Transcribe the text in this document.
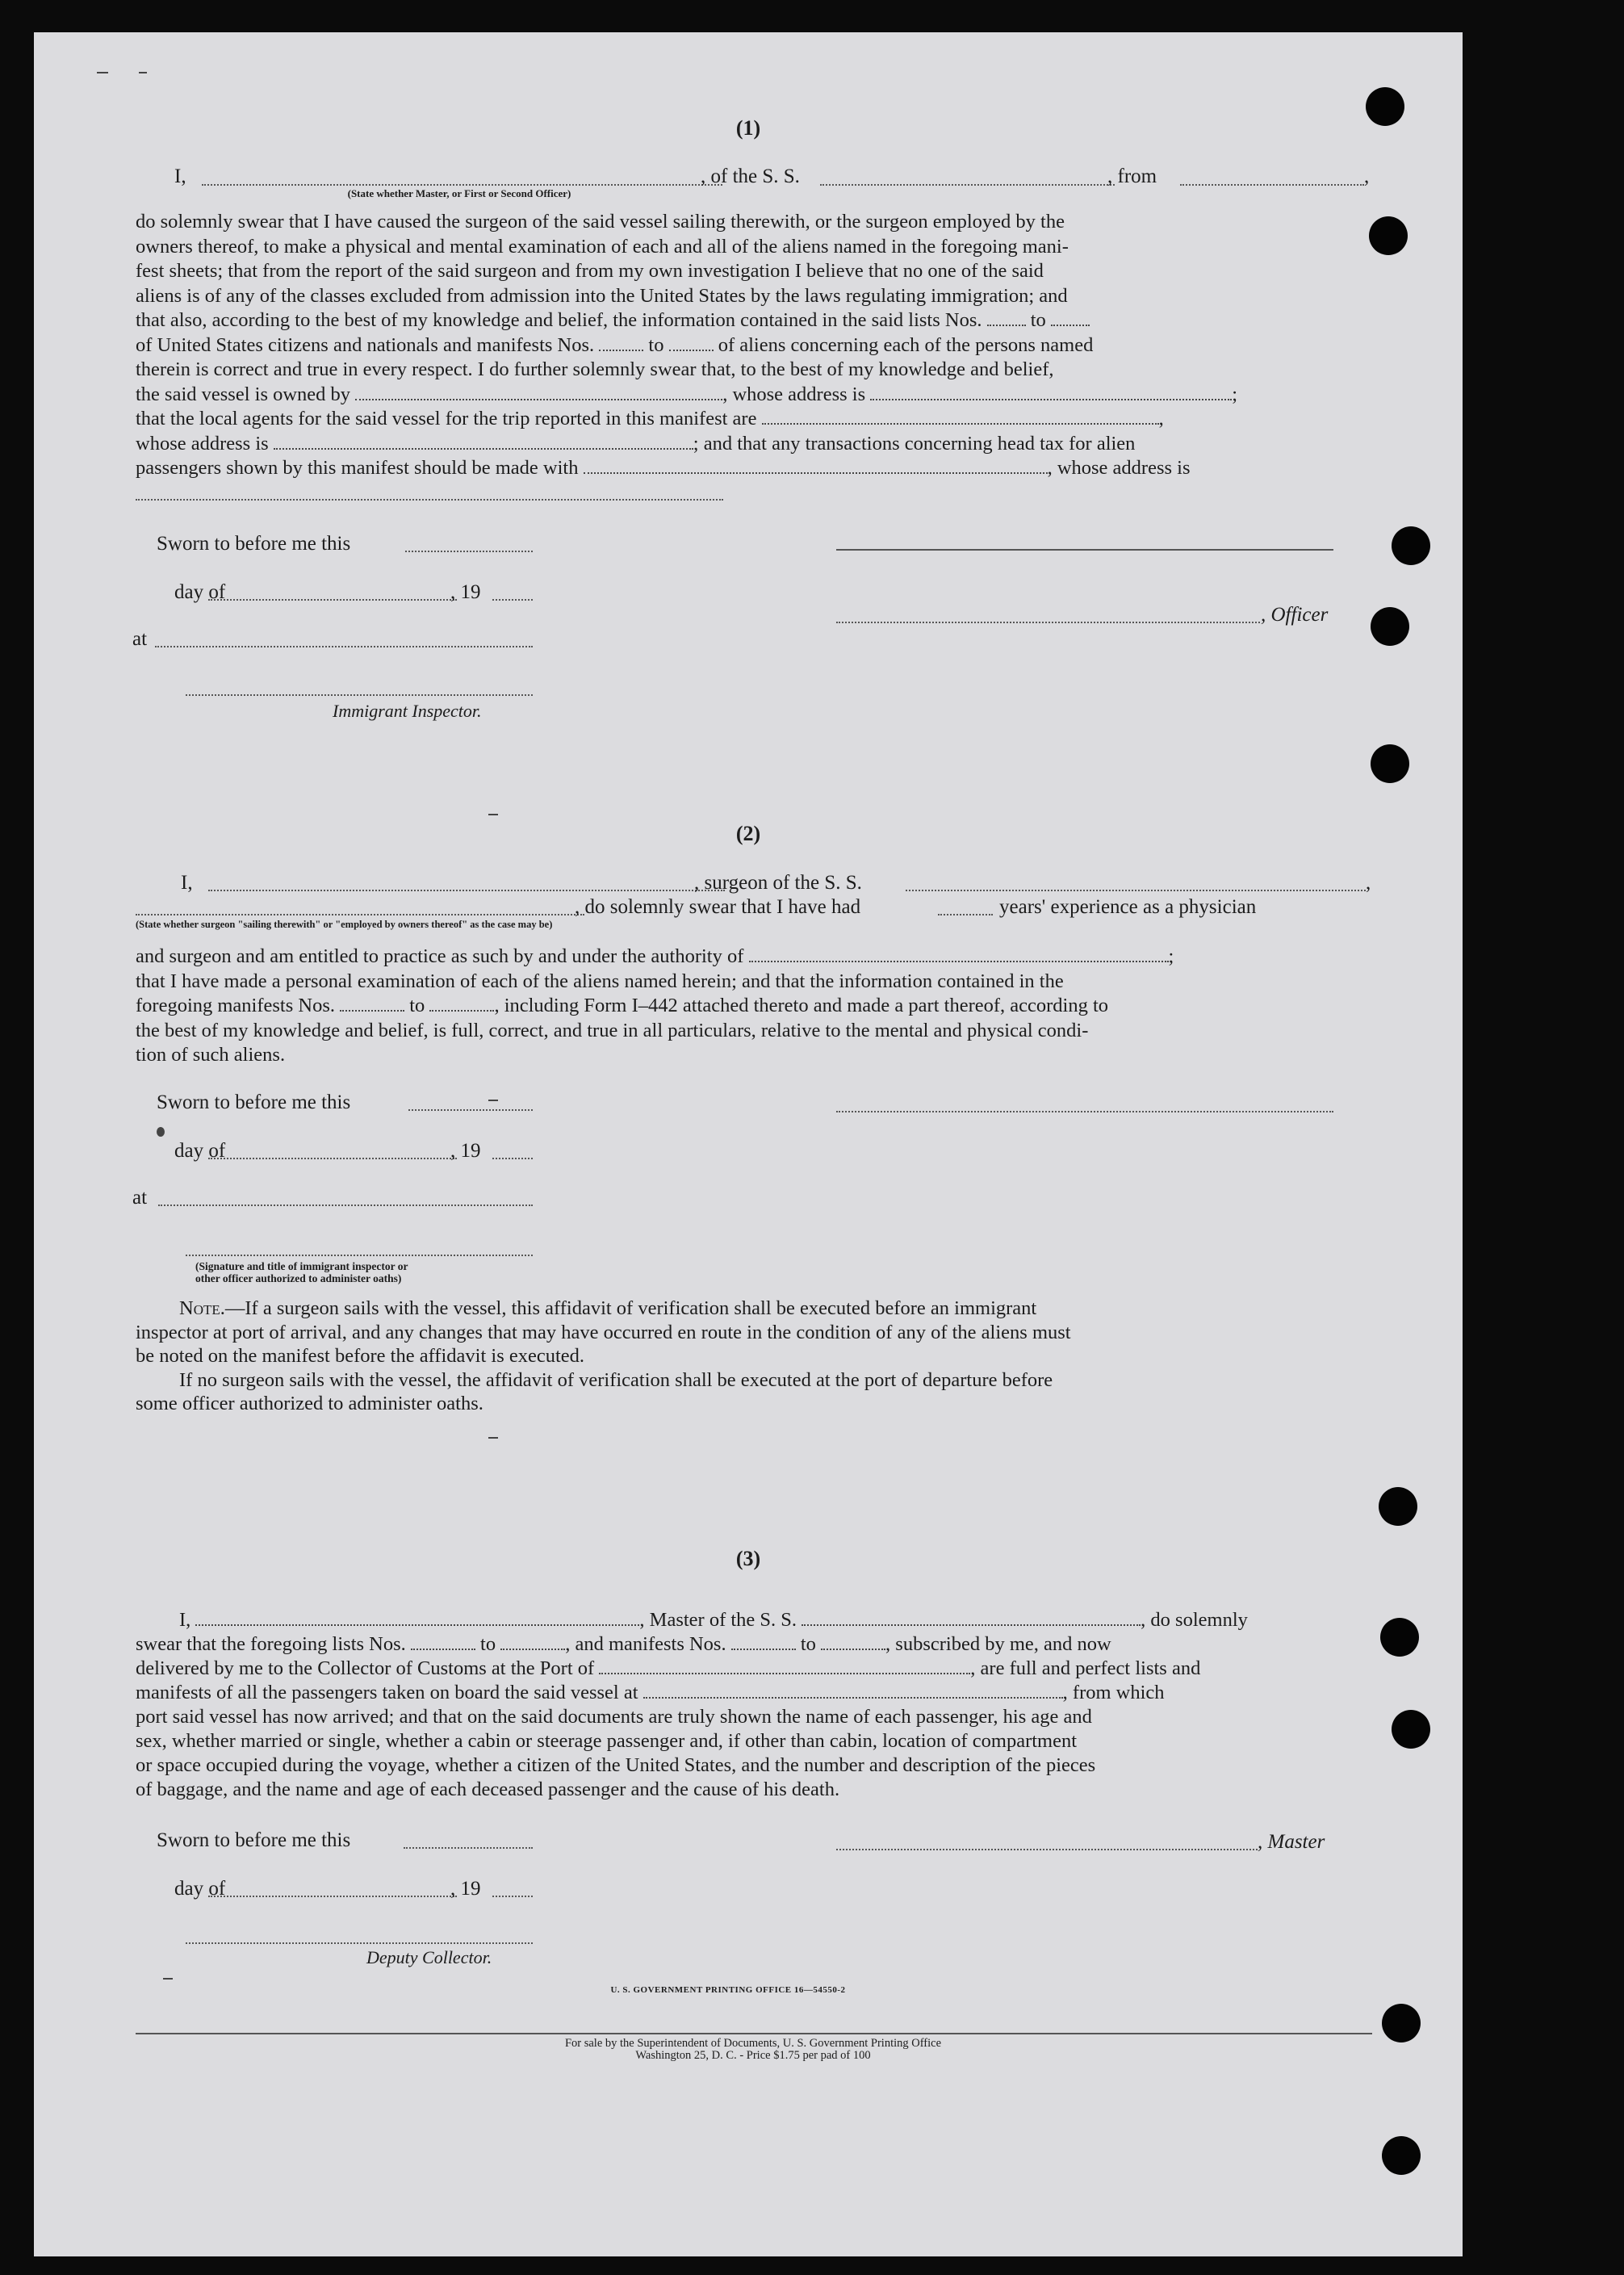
(1)
I,	, of the S. S.	, from	,
(State whether Master, or First or Second Officer)
do solemnly swear that I have caused the surgeon of the said vessel sailing therewith, or the surgeon employed by the
owners thereof, to make a physical and mental examination of each and all of the aliens named in the foregoing mani-
fest sheets; that from the report of the said surgeon and from my own investigation I believe that no one of the said
aliens is of any of the classes excluded from admission into the United States by the laws regulating immigration; and
that also, according to the best of my knowledge and belief, the information contained in the said lists Nos. to
of United States citizens and nationals and manifests Nos.	to	of aliens concerning each of the persons named
therein is correct and true in every respect. I do further solemnly swear that, to the best of my knowledge and belief,
the said vessel is owned by	, whose address is	;
that the local agents for the said vessel for the trip reported in this manifest are	,
whose address is	; and that any transactions concerning head tax for alien
passengers shown by this manifest should be made with	, whose address is
Sworn to before me this
day of	, 19
at
Immigrant Inspector.
, Officer
(2)
I,	, surgeon of the S. S.	,
, do solemnly swear that I have had	years' experience as a physician
(State whether surgeon "sailing therewith" or "employed by owners thereof" as the case may be)
and surgeon and am entitled to practice as such by and under the authority of	;
that I have made a personal examination of each of the aliens named herein; and that the information contained in the
foregoing manifests Nos.	to	, including Form I–442 attached thereto and made a part thereof, according to
the best of my knowledge and belief, is full, correct, and true in all particulars, relative to the mental and physical condi-
tion of such aliens.
Sworn to before me this
day of	, 19
at
(Signature and title of immigrant inspector or
other officer authorized to administer oaths)
Note.—If a surgeon sails with the vessel, this affidavit of verification shall be executed before an immigrant
inspector at port of arrival, and any changes that may have occurred en route in the condition of any of the aliens must
be noted on the manifest before the affidavit is executed.
If no surgeon sails with the vessel, the affidavit of verification shall be executed at the port of departure before
some officer authorized to administer oaths.
(3)
I,	, Master of the S. S.	, do solemnly
swear that the foregoing lists Nos.	to	, and manifests Nos.	to	, subscribed by me, and now
delivered by me to the Collector of Customs at the Port of	, are full and perfect lists and
manifests of all the passengers taken on board the said vessel at	, from which
port said vessel has now arrived; and that on the said documents are truly shown the name of each passenger, his age and
sex, whether married or single, whether a cabin or steerage passenger and, if other than cabin, location of compartment
or space occupied during the voyage, whether a citizen of the United States, and the number and description of the pieces
of baggage, and the name and age of each deceased passenger and the cause of his death.
Sworn to before me this
day of	, 19
Deputy Collector.
, Master
U. S. GOVERNMENT PRINTING OFFICE 16—54550-2
For sale by the Superintendent of Documents, U. S. Government Printing Office
Washington 25, D. C. - Price $1.75 per pad of 100
